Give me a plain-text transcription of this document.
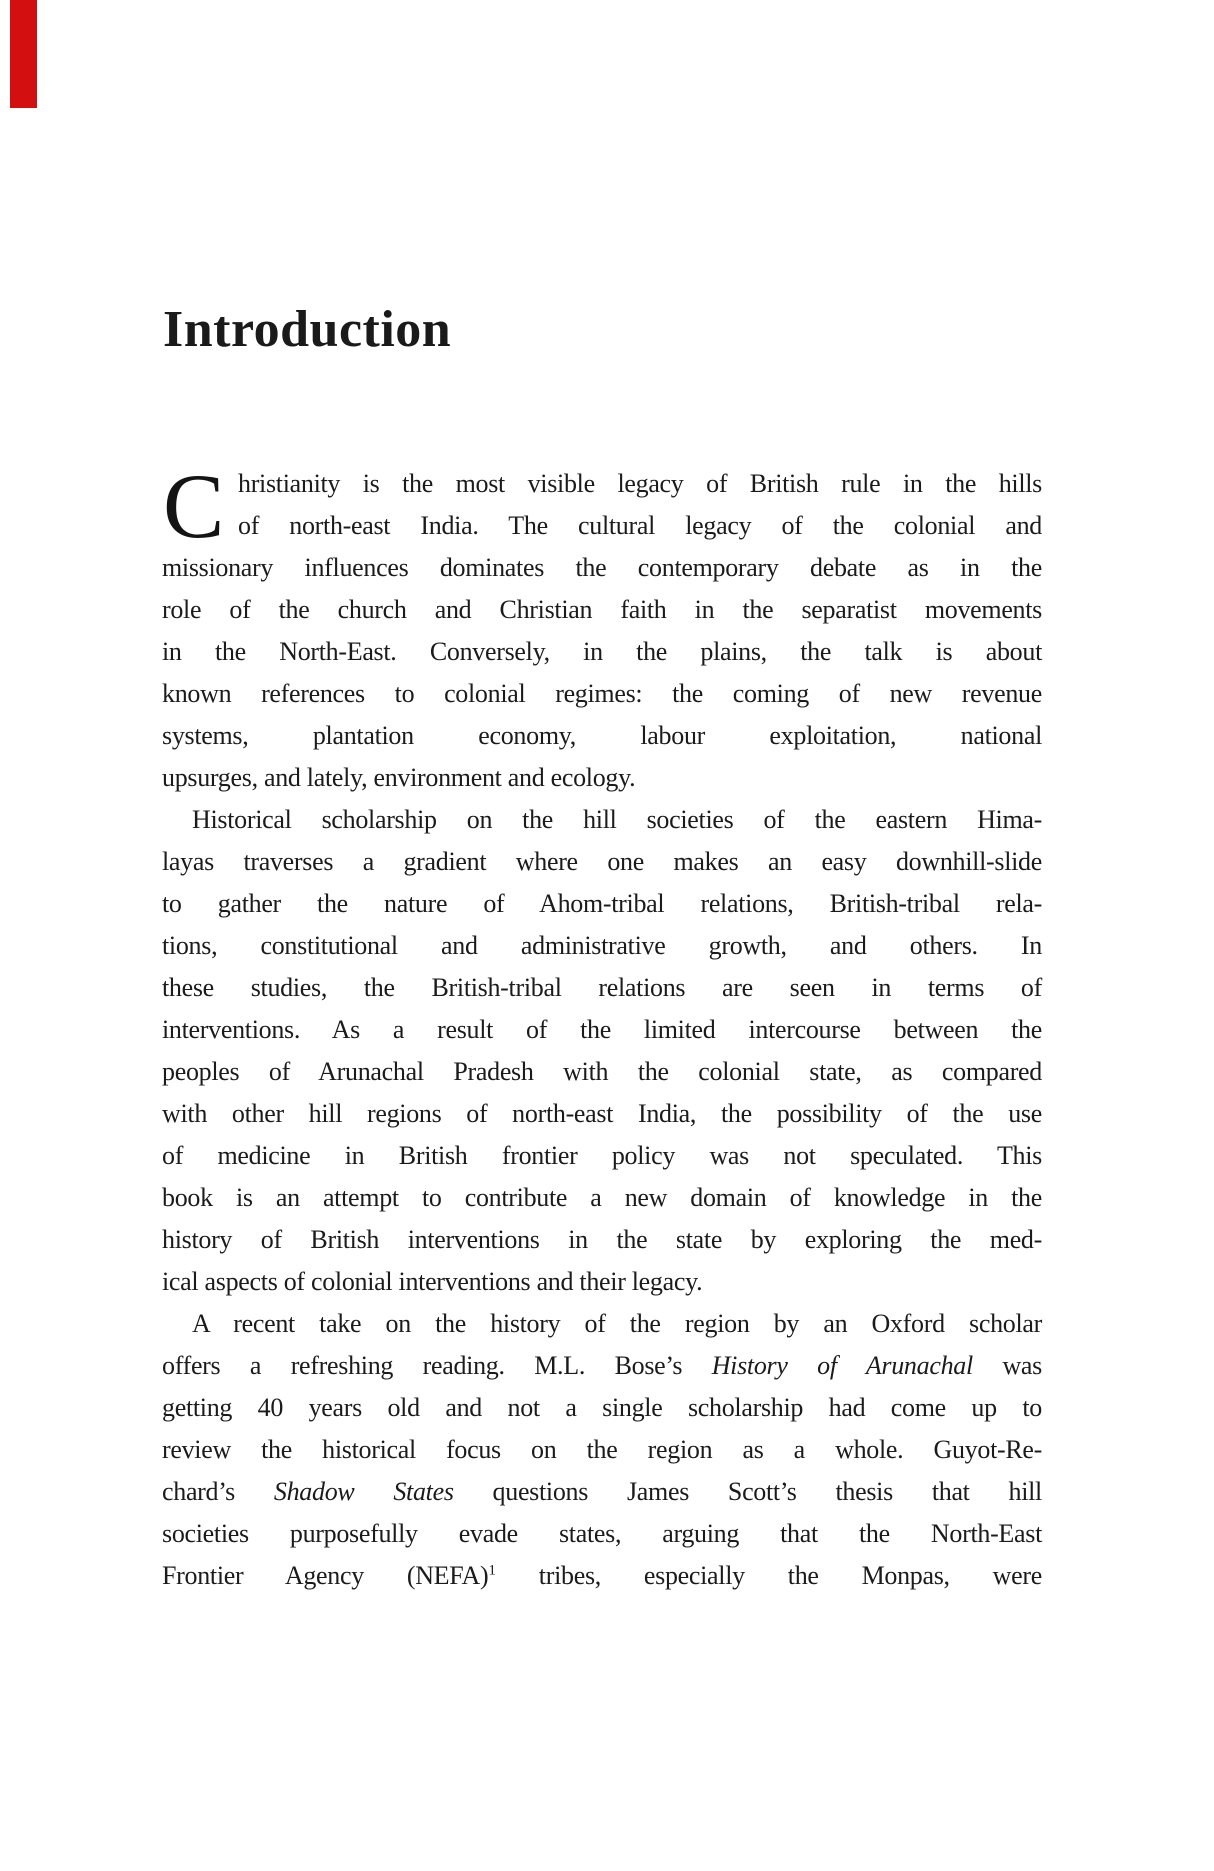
Introduction
C hristianity is the most visible legacy of British rule in the hills
of north-east India. The cultural legacy of the colonial and
missionary influences dominates the contemporary debate as in the
role of the church and Christian faith in the separatist movements
in the North-East. Conversely, in the plains, the talk is about
known references to colonial regimes: the coming of new revenue
systems, plantation economy, labour exploitation, national
upsurges, and lately, environment and ecology.
Historical scholarship on the hill societies of the eastern Hima-
layas traverses a gradient where one makes an easy downhill-slide
to gather the nature of Ahom-tribal relations, British-tribal rela-
tions, constitutional and administrative growth, and others. In
these studies, the British-tribal relations are seen in terms of
interventions. As a result of the limited intercourse between the
peoples of Arunachal Pradesh with the colonial state, as compared
with other hill regions of north-east India, the possibility of the use
of medicine in British frontier policy was not speculated. This
book is an attempt to contribute a new domain of knowledge in the
history of British interventions in the state by exploring the med-
ical aspects of colonial interventions and their legacy.
A recent take on the history of the region by an Oxford scholar
offers a refreshing reading. M.L. Bose’s History of Arunachal was
getting 40 years old and not a single scholarship had come up to
review the historical focus on the region as a whole. Guyot-Re-
chard’s Shadow States questions James Scott’s thesis that hill
societies purposefully evade states, arguing that the North-East
Frontier Agency (NEFA)$^1$ tribes, especially the Monpas, were
